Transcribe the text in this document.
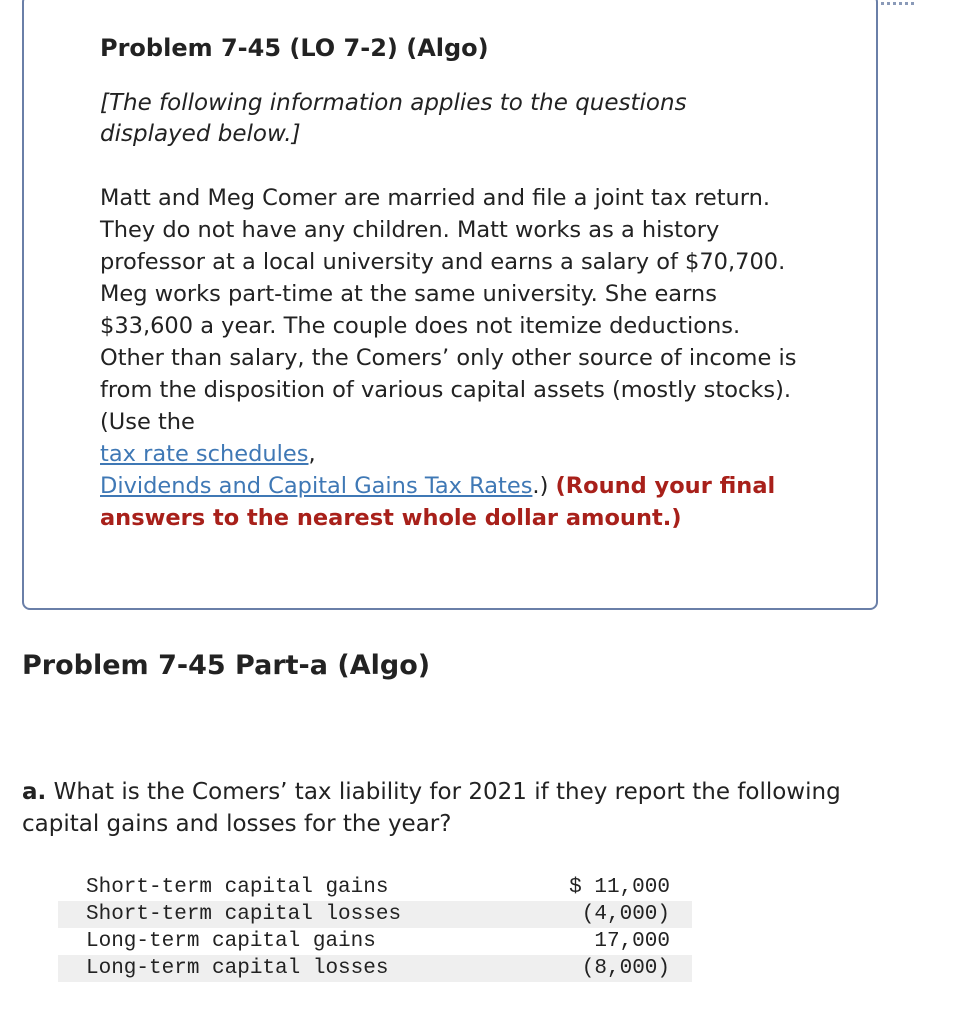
Problem 7-45 (LO 7-2) (Algo)
[The following information applies to the questions displayed below.]
Matt and Meg Comer are married and file a joint tax return. They do not have any children. Matt works as a history professor at a local university and earns a salary of $70,700. Meg works part-time at the same university. She earns $33,600 a year. The couple does not itemize deductions. Other than salary, the Comers’ only other source of income is from the disposition of various capital assets (mostly stocks). (Use the
tax rate schedules,
Dividends and Capital Gains Tax Rates.) (Round your final answers to the nearest whole dollar amount.)
Problem 7-45 Part-a (Algo)
a. What is the Comers’ tax liability for 2021 if they report the following capital gains and losses for the year?
Short-term capital gains	$ 11,000
Short-term capital losses	(4,000)
Long-term capital gains	17,000
Long-term capital losses	(8,000)
